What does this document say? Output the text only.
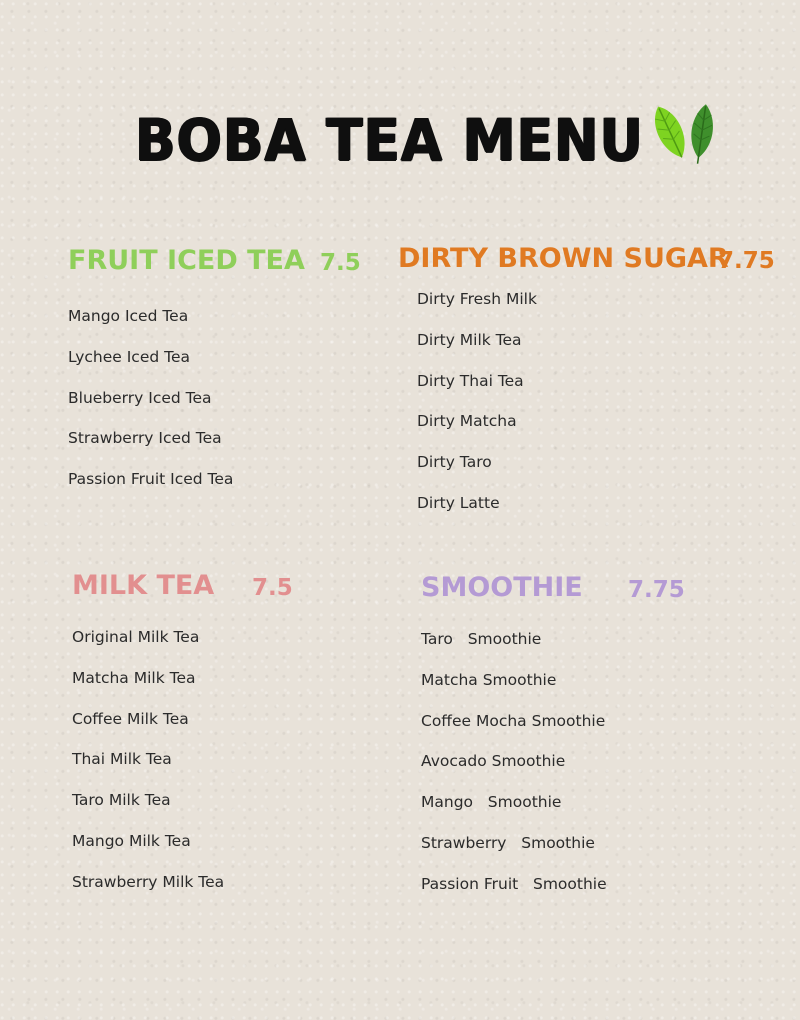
BOBA TEA MENU
FRUIT ICED TEA 7.5
Mango Iced Tea
Lychee Iced Tea
Blueberry Iced Tea
Strawberry Iced Tea
Passion Fruit Iced Tea
DIRTY BROWN SUGAR
7.75
Dirty Fresh Milk
Dirty Milk Tea
Dirty Thai Tea
Dirty Matcha
Dirty Taro
Dirty Latte
MILK TEA 7.5
Original Milk Tea
Matcha Milk Tea
Coffee Milk Tea
Thai Milk Tea
Taro Milk Tea
Mango Milk Tea
Strawberry Milk Tea
SMOOTHIE 7.75
Taro   Smoothie
Matcha Smoothie
Coffee Mocha Smoothie
Avocado Smoothie
Mango   Smoothie
Strawberry   Smoothie
Passion Fruit   Smoothie
